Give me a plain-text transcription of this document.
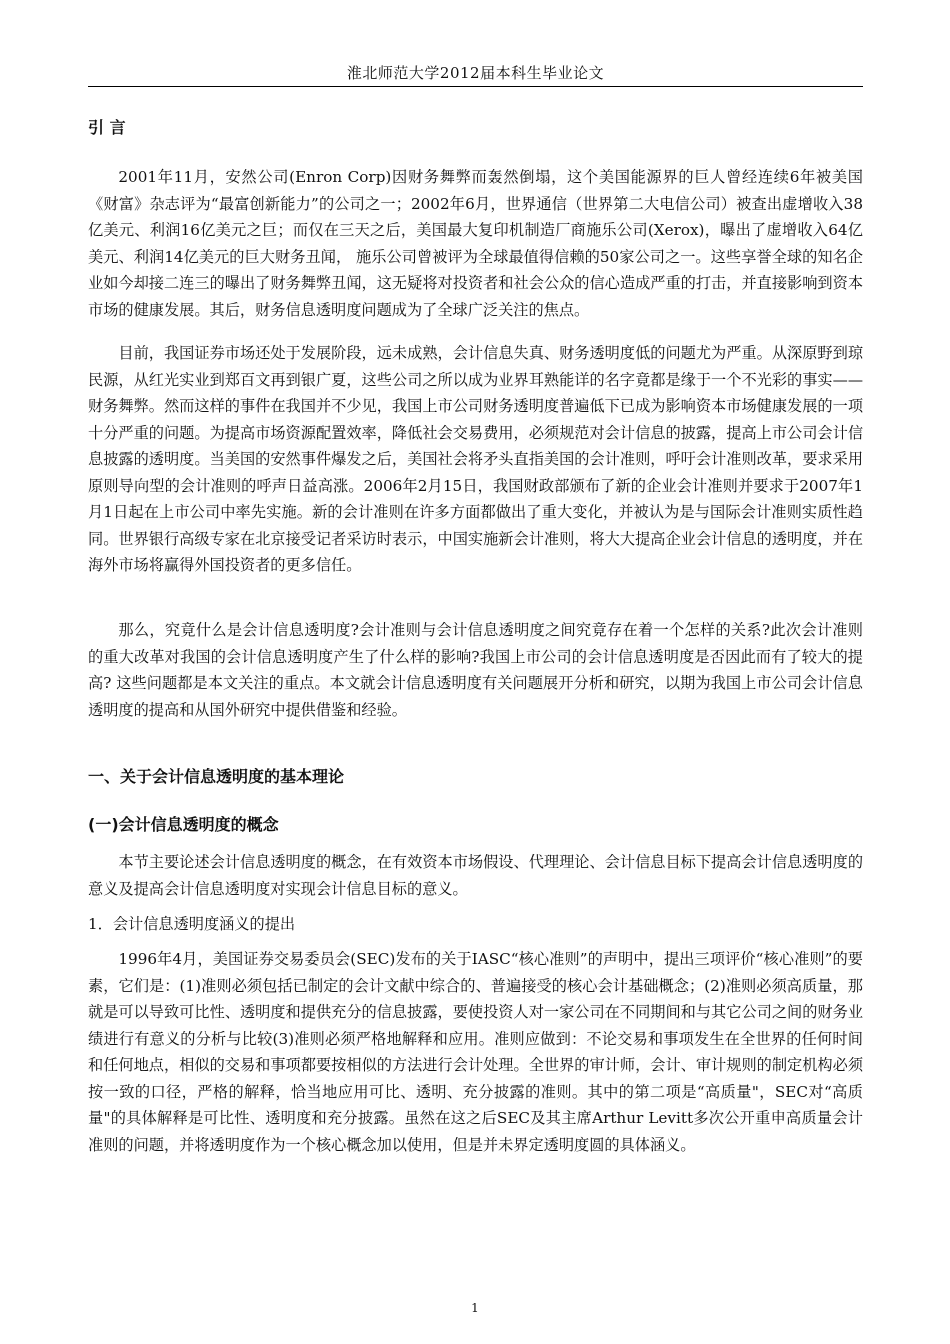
淮北师范大学2012届本科生毕业论文
引 言
2001年11月，安然公司(Enron Corp)因财务舞弊而轰然倒塌，这个美国能源界的巨人曾经连续6年被美国《财富》杂志评为“最富创新能力”的公司之一；2002年6月，世界通信（世界第二大电信公司）被查出虚增收入38亿美元、利润16亿美元之巨；而仅在三天之后，美国最大复印机制造厂商施乐公司(Xerox)，曝出了虚增收入64亿美元、利润14亿美元的巨大财务丑闻， 施乐公司曾被评为全球最值得信赖的50家公司之一。这些享誉全球的知名企业如今却接二连三的曝出了财务舞弊丑闻，这无疑将对投资者和社会公众的信心造成严重的打击，并直接影响到资本市场的健康发展。其后，财务信息透明度问题成为了全球广泛关注的焦点。
目前，我国证券市场还处于发展阶段，远未成熟，会计信息失真、财务透明度低的问题尤为严重。从深原野到琼民源，从红光实业到郑百文再到银广夏，这些公司之所以成为业界耳熟能详的名字竟都是缘于一个不光彩的事实——财务舞弊。然而这样的事件在我国并不少见，我国上市公司财务透明度普遍低下已成为影响资本市场健康发展的一项十分严重的问题。为提高市场资源配置效率，降低社会交易费用，必须规范对会计信息的披露，提高上市公司会计信息披露的透明度。当美国的安然事件爆发之后，美国社会将矛头直指美国的会计准则，呼吁会计准则改革，要求采用原则导向型的会计准则的呼声日益高涨。2006年2月15日，我国财政部颁布了新的企业会计准则并要求于2007年1月1日起在上市公司中率先实施。新的会计准则在许多方面都做出了重大变化，并被认为是与国际会计准则实质性趋同。世界银行高级专家在北京接受记者采访时表示，中国实施新会计准则，将大大提高企业会计信息的透明度，并在海外市场将赢得外国投资者的更多信任。
那么，究竟什么是会计信息透明度?会计准则与会计信息透明度之间究竟存在着一个怎样的关系?此次会计准则的重大改革对我国的会计信息透明度产生了什么样的影响?我国上市公司的会计信息透明度是否因此而有了较大的提高? 这些问题都是本文关注的重点。本文就会计信息透明度有关问题展开分析和研究，以期为我国上市公司会计信息透明度的提高和从国外研究中提供借鉴和经验。
一、关于会计信息透明度的基本理论
(一)会计信息透明度的概念
本节主要论述会计信息透明度的概念，在有效资本市场假设、代理理论、会计信息目标下提高会计信息透明度的意义及提高会计信息透明度对实现会计信息目标的意义。
1．会计信息透明度涵义的提出
1996年4月，美国证券交易委员会(SEC)发布的关于IASC“核心准则”的声明中，提出三项评价“核心准则”的要素，它们是：(1)准则必须包括已制定的会计文献中综合的、普遍接受的核心会计基础概念；(2)准则必须高质量，那就是可以导致可比性、透明度和提供充分的信息披露，要使投资人对一家公司在不同期间和与其它公司之间的财务业绩进行有意义的分析与比较(3)准则必须严格地解释和应用。准则应做到：不论交易和事项发生在全世界的任何时间和任何地点，相似的交易和事项都要按相似的方法进行会计处理。全世界的审计师，会计、审计规则的制定机构必须按一致的口径，严格的解释，恰当地应用可比、透明、充分披露的准则。其中的第二项是“高质量"，SEC对“高质量"的具体解释是可比性、透明度和充分披露。虽然在这之后SEC及其主席Arthur Levitt多次公开重申高质量会计准则的问题，并将透明度作为一个核心概念加以使用，但是并未界定透明度圆的具体涵义。
1
